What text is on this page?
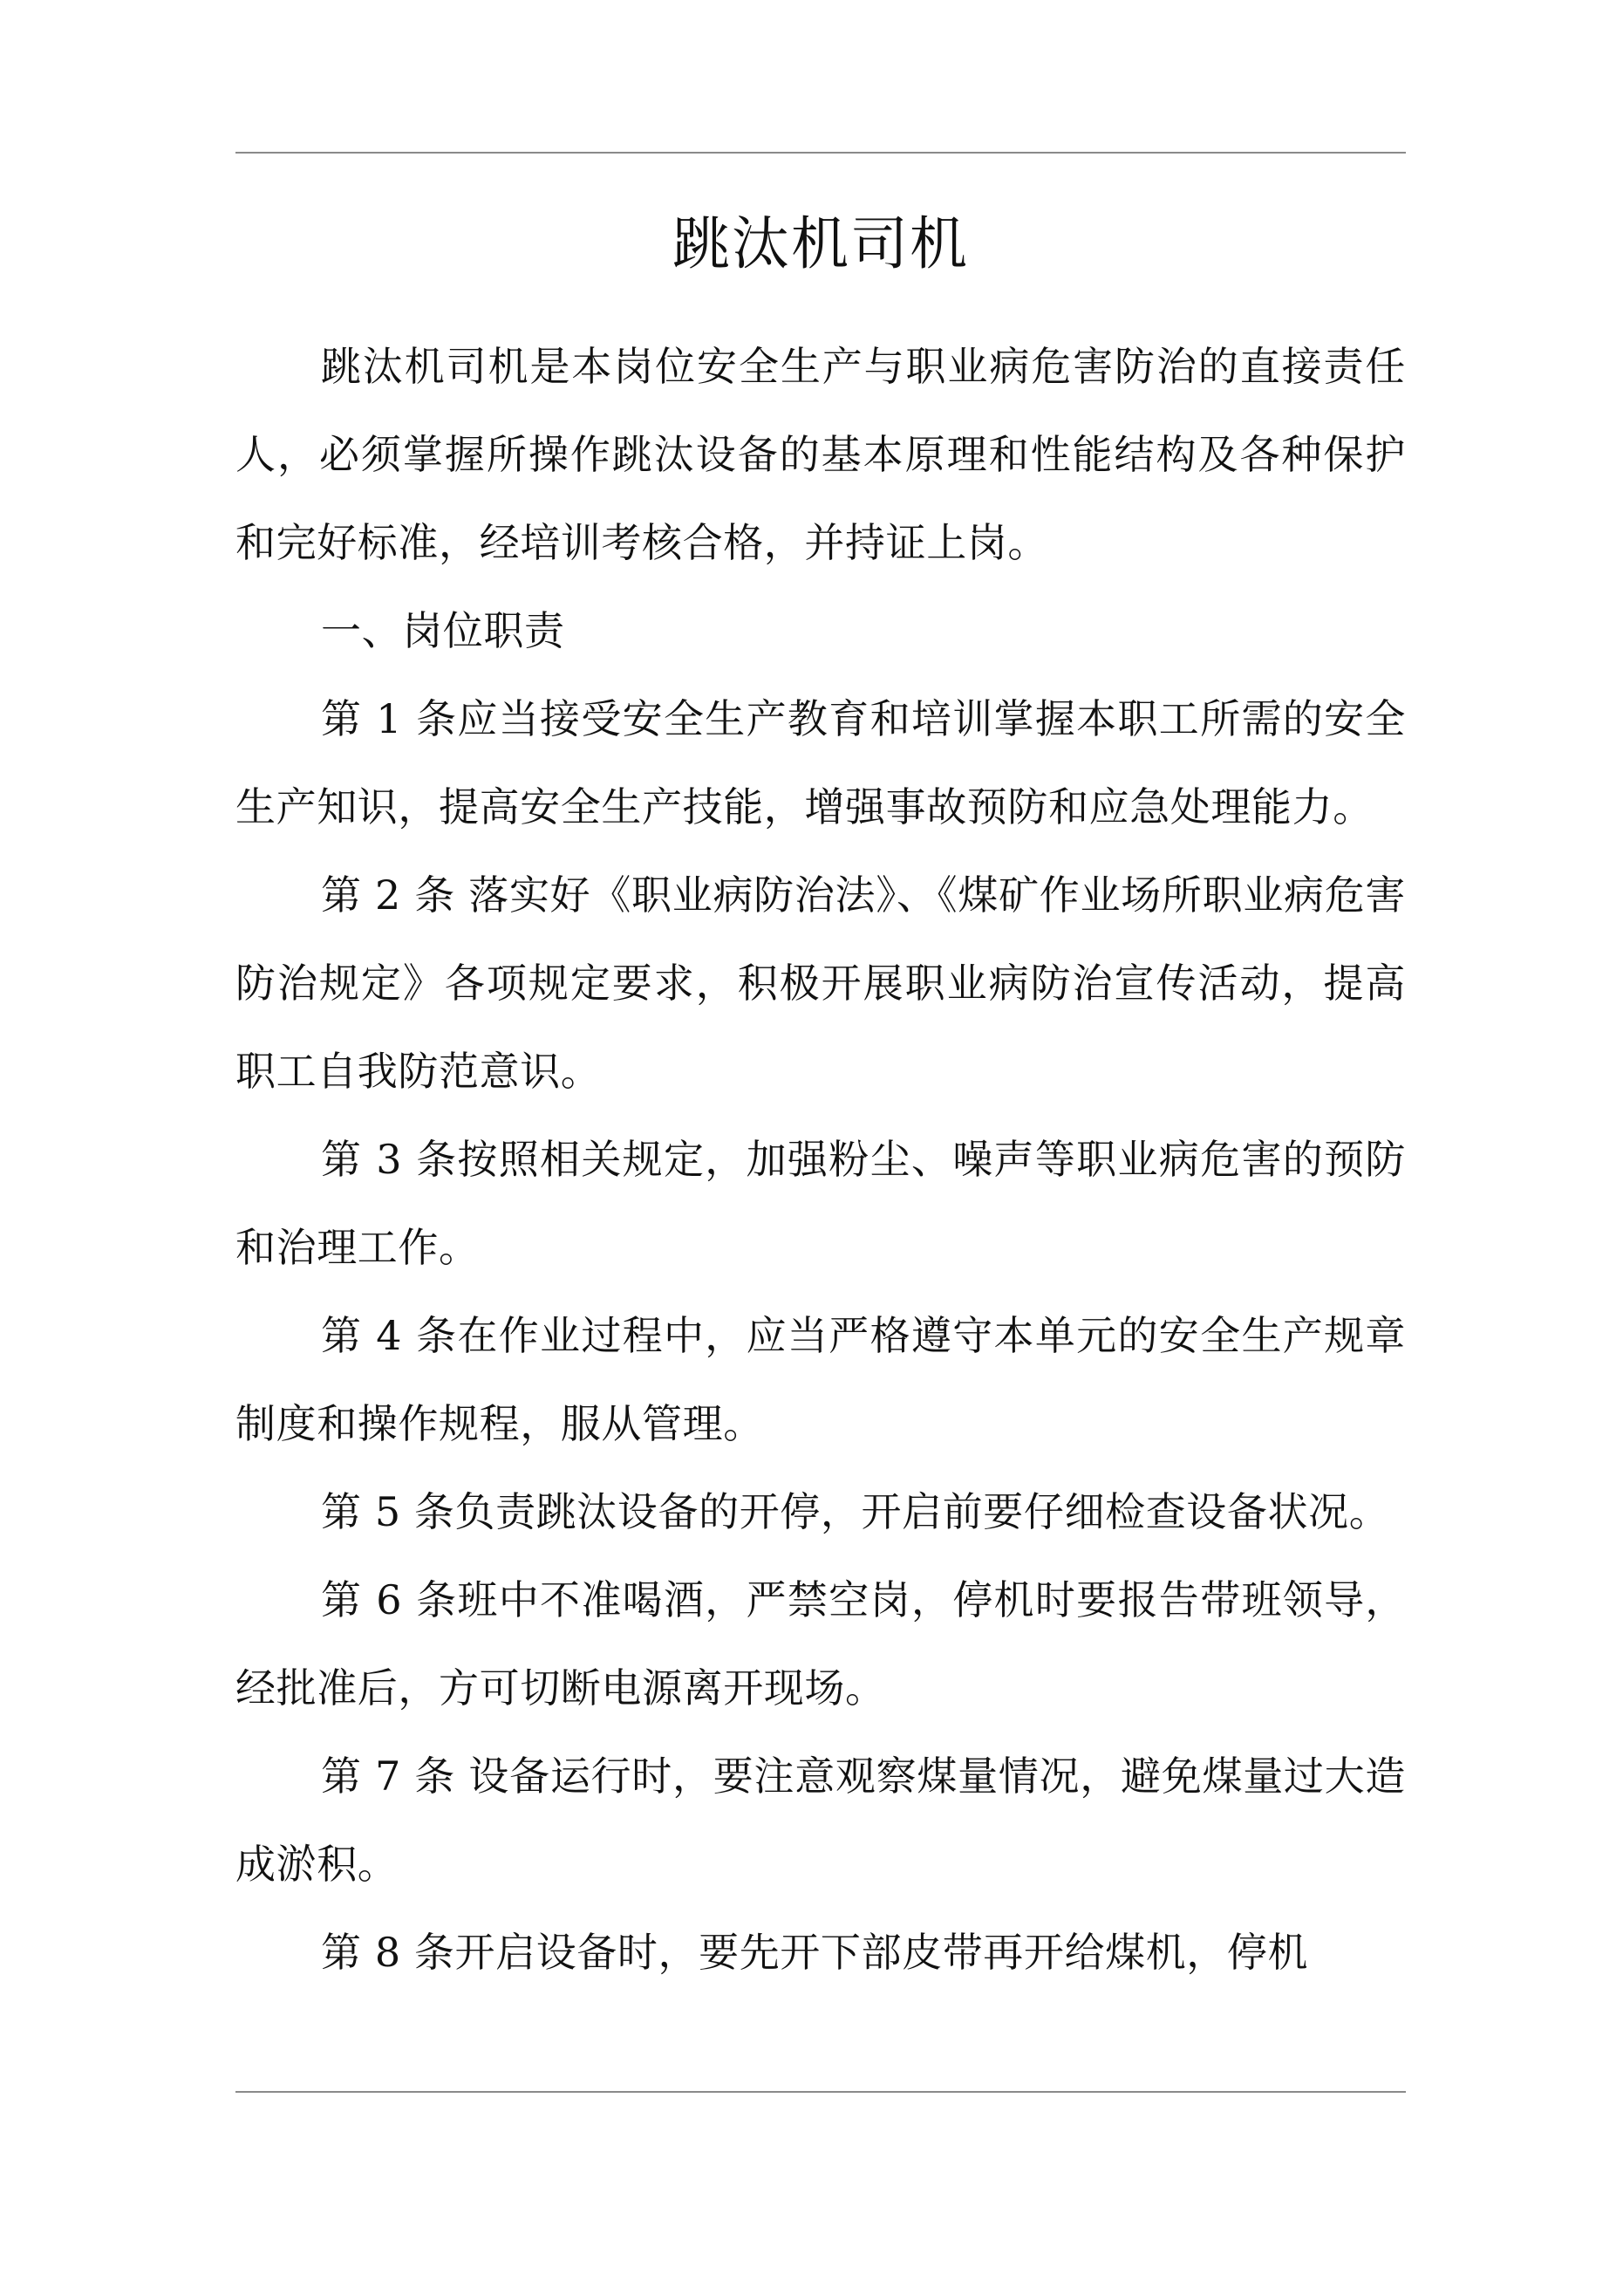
跳汰机司机

跳汰机司机是本岗位安全生产与职业病危害防治的直接责任人，必须掌握所操作跳汰设备的基本原理和性能结构及各种保护和完好标准，经培训考核合格，并持证上岗。

一、岗位职责

第 1 条应当接受安全生产教育和培训掌握本职工所需的安全生产知识，提高安全生产技能，增强事故预防和应急处理能力。

第 2 条 落实好《职业病防治法》、《煤矿作业场所职业病危害防治规定》各项规定要求，积极开展职业病防治宣传活动，提高职工自我防范意识。

第 3 条按照相关规定，加强粉尘、噪声等职业病危害的预防和治理工作。

第 4 条在作业过程中，应当严格遵守本单元的安全生产规章制度和操作规程，服从管理。

第 5 条负责跳汰设备的开停，开启前要仔细检查设备状况。

第 6 条班中不准喝酒，严禁空岗，停机时要报告带班领导，经批准后，方可切断电源离开现场。

第 7 条 设备运行时，要注意观察煤量情况，避免煤量过大造成淤积。

第 8 条开启设备时，要先开下部皮带再开给煤机，停机
